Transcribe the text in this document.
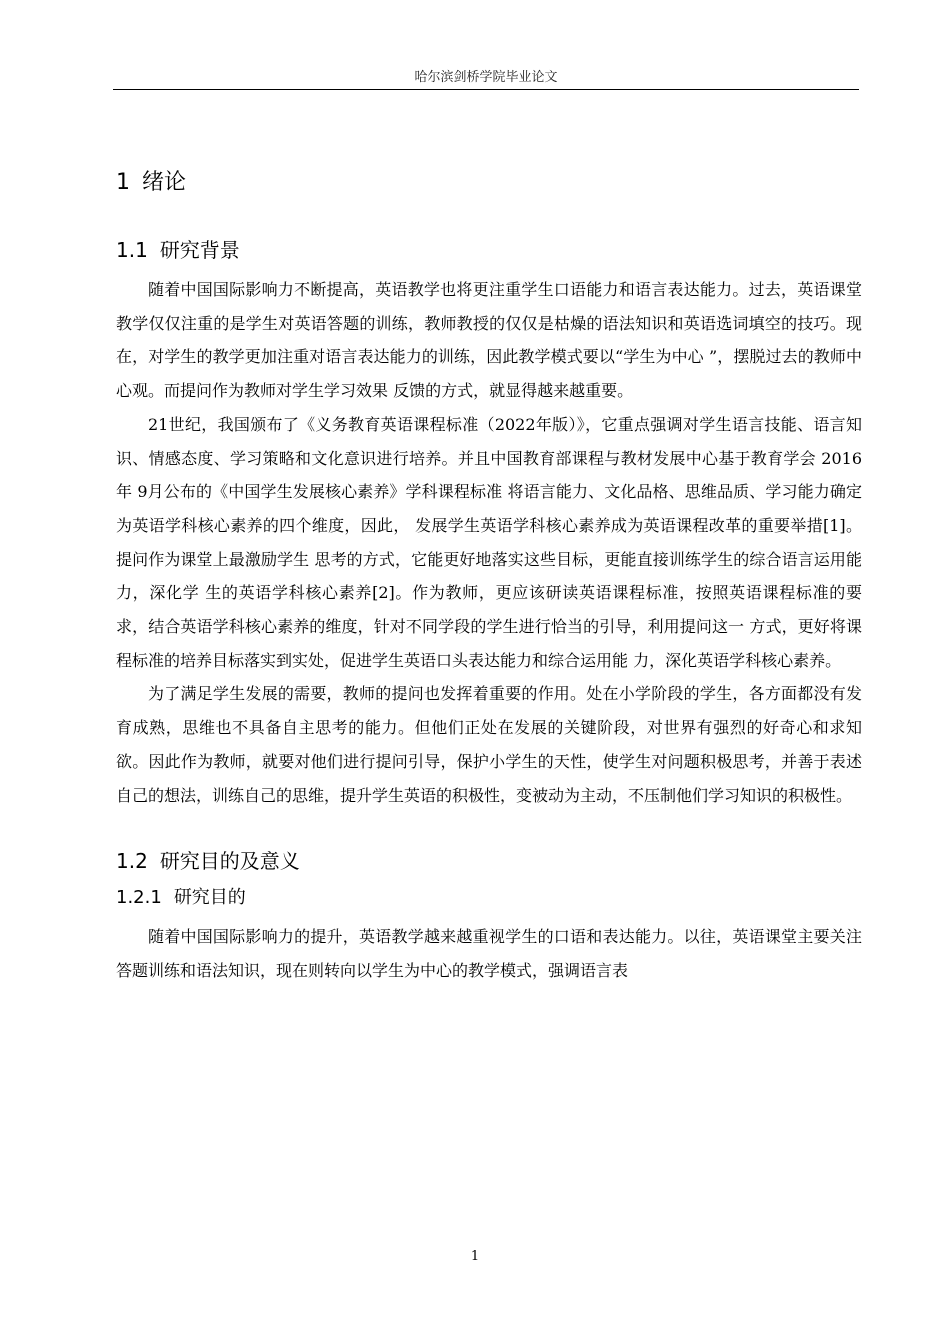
哈尔滨剑桥学院毕业论文
1 绪论
1.1 研究背景

随着中国国际影响力不断提高，英语教学也将更注重学生口语能力和语言表达能力。过去，英语课堂教学仅仅注重的是学生对英语答题的训练，教师教授的仅仅是枯燥的语法知识和英语选词填空的技巧。现在，对学生的教学更加注重对语言表达能力的训练，因此教学模式要以“学生为中心 ”，摆脱过去的教师中心观。而提问作为教师对学生学习效果 反馈的方式，就显得越来越重要。

21世纪，我国颁布了《义务教育英语课程标准（2022年版）》，它重点强调对学生语言技能、语言知识、情感态度、学习策略和文化意识进行培养。并且中国教育部课程与教材发展中心基于教育学会 2016年 9月公布的《中国学生发展核心素养》学科课程标准 将语言能力、文化品格、思维品质、学习能力确定为英语学科核心素养的四个维度，因此， 发展学生英语学科核心素养成为英语课程改革的重要举措[1]。提问作为课堂上最激励学生 思考的方式，它能更好地落实这些目标，更能直接训练学生的综合语言运用能力，深化学 生的英语学科核心素养[2]。作为教师，更应该研读英语课程标准，按照英语课程标准的要 求，结合英语学科核心素养的维度，针对不同学段的学生进行恰当的引导，利用提问这一 方式，更好将课程标准的培养目标落实到实处，促进学生英语口头表达能力和综合运用能 力，深化英语学科核心素养。

为了满足学生发展的需要，教师的提问也发挥着重要的作用。处在小学阶段的学生，各方面都没有发育成熟，思维也不具备自主思考的能力。但他们正处在发展的关键阶段，对世界有强烈的好奇心和求知欲。因此作为教师，就要对他们进行提问引导，保护小学生的天性，使学生对问题积极思考，并善于表述自己的想法，训练自己的思维，提升学生英语的积极性，变被动为主动，不压制他们学习知识的积极性。

1.2 研究目的及意义
1.2.1 研究目的

随着中国国际影响力的提升，英语教学越来越重视学生的口语和表达能力。以往，英语课堂主要关注答题训练和语法知识，现在则转向以学生为中心的教学模式，强调语言表

1
